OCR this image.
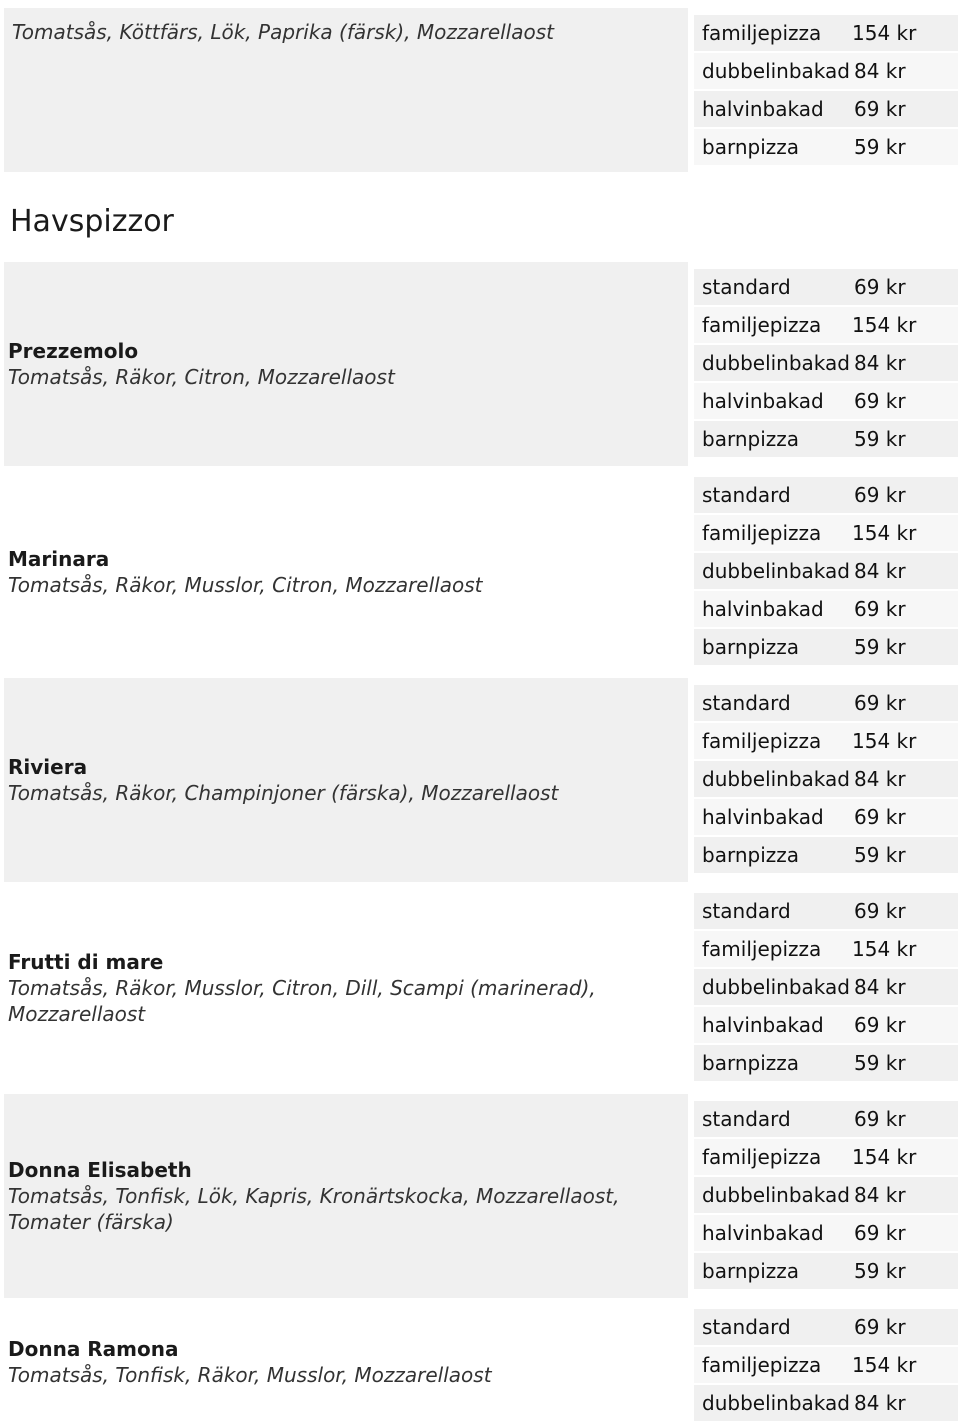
Tomatsås, Köttfärs, Lök, Paprika (färsk), Mozzarellaost	familjepizza 154 kr
dubbelinbakad 84 kr
halvinbakad 69 kr
barnpizza	59 kr
Havspizzor
Prezzemolo
Tomatsås, Räkor, Citron, Mozzarellaost
standard	69 kr
familjepizza 154 kr
dubbelinbakad 84 kr
halvinbakad 69 kr
barnpizza	59 kr
Marinara
Tomatsås, Räkor, Musslor, Citron, Mozzarellaost
standard	69 kr
familjepizza 154 kr
dubbelinbakad 84 kr
halvinbakad 69 kr
barnpizza	59 kr
Riviera
Tomatsås, Räkor, Champinjoner (färska), Mozzarellaost
standard	69 kr
familjepizza 154 kr
dubbelinbakad 84 kr
halvinbakad 69 kr
barnpizza	59 kr
Frutti di mare
Tomatsås, Räkor, Musslor, Citron, Dill, Scampi (marinerad), Mozzarellaost
standard	69 kr
familjepizza 154 kr
dubbelinbakad 84 kr
halvinbakad 69 kr
barnpizza	59 kr
Donna Elisabeth
Tomatsås, Tonfisk, Lök, Kapris, Kronärtskocka, Mozzarellaost, Tomater (färska)
standard	69 kr
familjepizza 154 kr
dubbelinbakad 84 kr
halvinbakad 69 kr
barnpizza	59 kr
Donna Ramona
Tomatsås, Tonfisk, Räkor, Musslor, Mozzarellaost
standard	69 kr
familjepizza 154 kr
dubbelinbakad 84 kr
